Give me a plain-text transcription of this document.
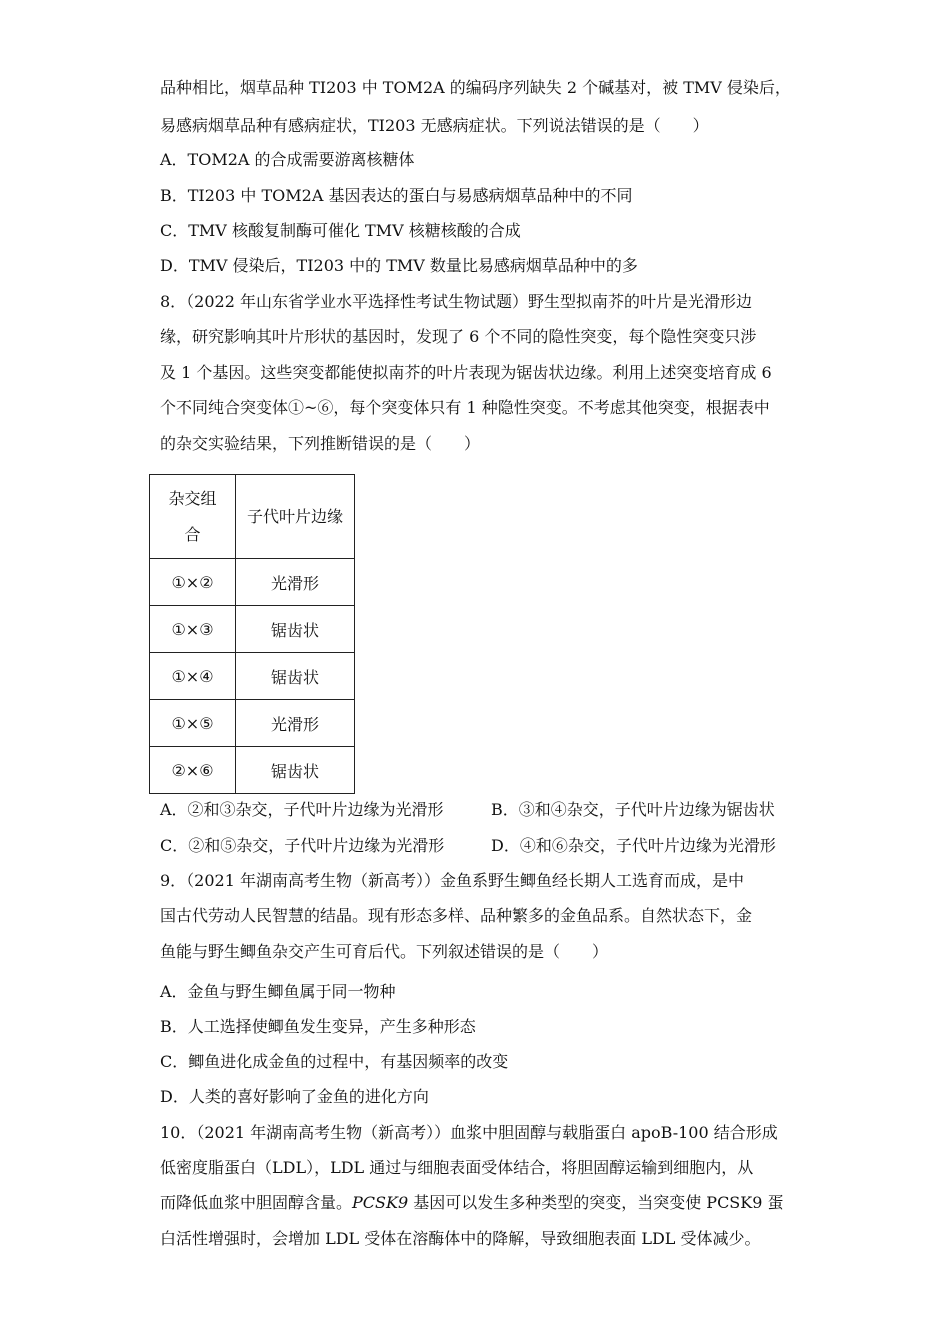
品种相比，烟草品种 TI203 中 TOM2A 的编码序列缺失 2 个碱基对，被 TMV 侵染后，
易感病烟草品种有感病症状，TI203 无感病症状。下列说法错误的是（　　）
A．TOM2A 的合成需要游离核糖体
B．TI203 中 TOM2A 基因表达的蛋白与易感病烟草品种中的不同
C．TMV 核酸复制酶可催化 TMV 核糖核酸的合成
D．TMV 侵染后，TI203 中的 TMV 数量比易感病烟草品种中的多
8．（2022 年山东省学业水平选择性考试生物试题）野生型拟南芥的叶片是光滑形边
缘，研究影响其叶片形状的基因时，发现了 6 个不同的隐性突变，每个隐性突变只涉
及 1 个基因。这些突变都能使拟南芥的叶片表现为锯齿状边缘。利用上述突变培育成 6
个不同纯合突变体①~⑥，每个突变体只有 1 种隐性突变。不考虑其他突变，根据表中
的杂交实验结果，下列推断错误的是（　　）
杂交组合	子代叶片边缘
①×②	光滑形
①×③	锯齿状
①×④	锯齿状
①×⑤	光滑形
②×⑥	锯齿状
A．②和③杂交，子代叶片边缘为光滑形	B．③和④杂交，子代叶片边缘为锯齿状
C．②和⑤杂交，子代叶片边缘为光滑形	D．④和⑥杂交，子代叶片边缘为光滑形
9．（2021 年湖南高考生物（新高考））金鱼系野生鲫鱼经长期人工选育而成，是中
国古代劳动人民智慧的结晶。现有形态多样、品种繁多的金鱼品系。自然状态下，金
鱼能与野生鲫鱼杂交产生可育后代。下列叙述错误的是（　　）
A．金鱼与野生鲫鱼属于同一物种
B．人工选择使鲫鱼发生变异，产生多种形态
C．鲫鱼进化成金鱼的过程中，有基因频率的改变
D．人类的喜好影响了金鱼的进化方向
10．（2021 年湖南高考生物（新高考））血浆中胆固醇与载脂蛋白 apoB-100 结合形成
低密度脂蛋白（LDL），LDL 通过与细胞表面受体结合，将胆固醇运输到细胞内，从
而降低血浆中胆固醇含量。PCSK9 基因可以发生多种类型的突变，当突变使 PCSK9 蛋
白活性增强时，会增加 LDL 受体在溶酶体中的降解，导致细胞表面 LDL 受体减少。
